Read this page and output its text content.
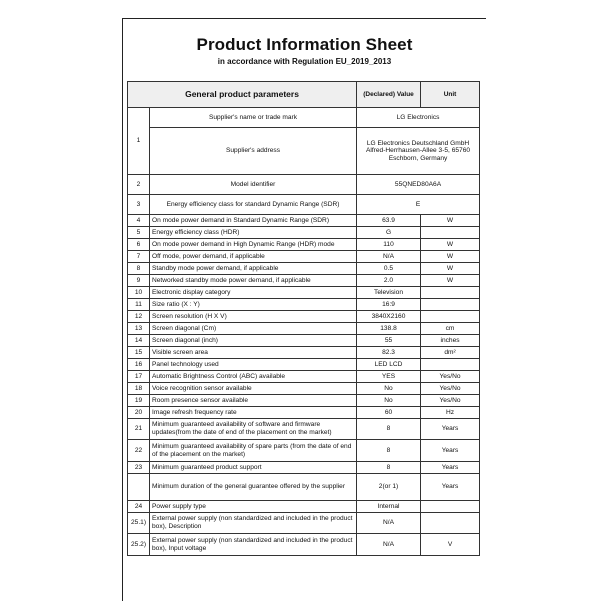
Product Information Sheet
in accordance with Regulation EU_2019_2013
General product parameters		(Declared) Value	Unit
1	Supplier's name or trade mark	LG Electronics	
	Supplier's address	LG Electronics Deutschland GmbH Alfred-Herrhausen-Allee 3-5, 65760 Eschborn, Germany	
2	Model identifier	55QNED80A6A	
3	Energy efficiency class for standard Dynamic Range (SDR)	E	
4	On mode power demand in Standard Dynamic Range (SDR)	63.9	W
5	Energy efficiency class (HDR)	G	
6	On mode power demand in High Dynamic Range (HDR) mode	110	W
7	Off mode, power demand, if applicable	N/A	W
8	Standby mode power demand, if applicable	0.5	W
9	Networked standby mode power demand, if applicable	2.0	W
10	Electronic display category	Television	
11	Size ratio (X : Y)	16:9	
12	Screen resolution (H X V)	3840X2160	
13	Screen diagonal (Cm)	138.8	cm
14	Screen diagonal (inch)	55	inches
15	Visible screen area	82.3	dm²
16	Panel technology used	LED LCD	
17	Automatic Brightness Control (ABC) available	YES	Yes/No
18	Voice recognition sensor available	No	Yes/No
19	Room presence sensor available	No	Yes/No
20	Image refresh frequency rate	60	Hz
21	Minimum guaranteed availability of software and firmware updates(from the date of end of the placement on the market)	8	Years
22	Minimum guaranteed availability of spare parts (from the date of end of the placement on the market)	8	Years
23	Minimum guaranteed product support	8	Years
	Minimum duration of the general guarantee offered by the supplier	2(or 1)	Years
24	Power supply type	Internal	
25.1)	External power supply (non standardized and included in the product box), Description	N/A	
25.2)	External power supply (non standardized and included in the product box), Input voltage	N/A	V
